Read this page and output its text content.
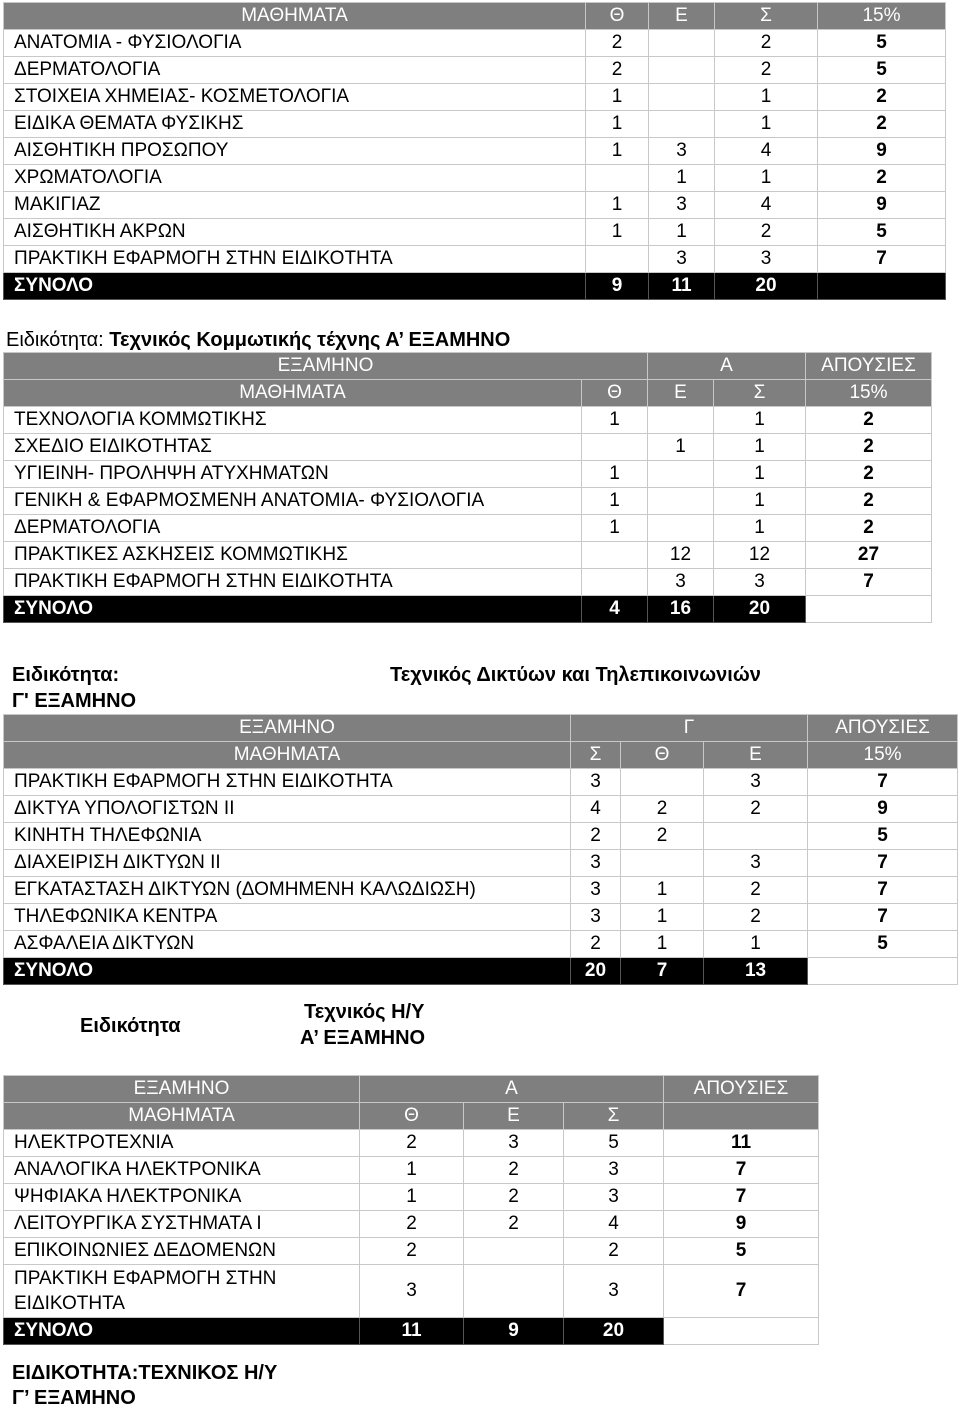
ΜΑΘΗΜΑΤΑ	Θ	Ε	Σ	15%
ΑΝΑΤΟΜΙΑ - ΦΥΣΙΟΛΟΓΙΑ	2		2	5
ΔΕΡΜΑΤΟΛΟΓΙΑ	2		2	5
ΣΤΟΙΧΕΙΑ ΧΗΜΕΙΑΣ- ΚΟΣΜΕΤΟΛΟΓΙΑ	1		1	2
ΕΙΔΙΚΑ ΘΕΜΑΤΑ ΦΥΣΙΚΗΣ	1		1	2
ΑΙΣΘΗΤΙΚΗ ΠΡΟΣΩΠΟΥ	1	3	4	9
ΧΡΩΜΑΤΟΛΟΓΙΑ		1	1	2
ΜΑΚΙΓΙΑΖ	1	3	4	9
ΑΙΣΘΗΤΙΚΗ ΑΚΡΩΝ	1	1	2	5
ΠΡΑΚΤΙΚΗ ΕΦΑΡΜΟΓΗ ΣΤΗΝ ΕΙΔΙΚΟΤΗΤΑ		3	3	7
ΣΥΝΟΛΟ	9	11	20	
Ειδικότητα: Τεχνικός Κομμωτικής τέχνης Α’ ΕΞΑΜΗΝΟ
ΕΞΑΜΗΝΟ		Α		ΑΠΟΥΣΙΕΣ
ΜΑΘΗΜΑΤΑ	Θ	Ε	Σ	15%
ΤΕΧΝΟΛΟΓΙΑ ΚΟΜΜΩΤΙΚΗΣ	1		1	2
ΣΧΕΔΙΟ ΕΙΔΙΚΟΤΗΤΑΣ		1	1	2
ΥΓΙΕΙΝΗ- ΠΡΟΛΗΨΗ ΑΤΥΧΗΜΑΤΩΝ	1		1	2
ΓΕΝΙΚΗ & ΕΦΑΡΜΟΣΜΕΝΗ ΑΝΑΤΟΜΙΑ- ΦΥΣΙΟΛΟΓΙΑ	1		1	2
ΔΕΡΜΑΤΟΛΟΓΙΑ	1		1	2
ΠΡΑΚΤΙΚΕΣ ΑΣΚΗΣΕΙΣ ΚΟΜΜΩΤΙΚΗΣ		12	12	27
ΠΡΑΚΤΙΚΗ ΕΦΑΡΜΟΓΗ ΣΤΗΝ ΕΙΔΙΚΟΤΗΤΑ		3	3	7
ΣΥΝΟΛΟ	4	16	20	
Ειδικότητα:	Τεχνικός Δικτύων και Τηλεπικοινωνιών
Γ' ΕΞΑΜΗΝΟ
ΕΞΑΜΗΝΟ	Γ			ΑΠΟΥΣΙΕΣ
ΜΑΘΗΜΑΤΑ	Σ	Θ	Ε	15%
ΠΡΑΚΤΙΚΗ ΕΦΑΡΜΟΓΗ ΣΤΗΝ ΕΙΔΙΚΟΤΗΤΑ	3		3	7
ΔΙΚΤΥΑ ΥΠΟΛΟΓΙΣΤΩΝ ΙΙ	4	2	2	9
ΚΙΝΗΤΗ ΤΗΛΕΦΩΝΙΑ	2	2		5
ΔΙΑΧΕΙΡΙΣΗ ΔΙΚΤΥΩΝ ΙΙ	3		3	7
ΕΓΚΑΤΑΣΤΑΣΗ ΔΙΚΤΥΩΝ (ΔΟΜΗΜΕΝΗ ΚΑΛΩΔΙΩΣΗ)	3	1	2	7
ΤΗΛΕΦΩΝΙΚΑ ΚΕΝΤΡΑ	3	1	2	7
ΑΣΦΑΛΕΙΑ ΔΙΚΤΥΩΝ	2	1	1	5
ΣΥΝΟΛΟ	20	7	13	
Ειδικότητα
Τεχνικός Η/Υ
Α’ ΕΞΑΜΗΝΟ
ΕΞΑΜΗΝΟ	Α			ΑΠΟΥΣΙΕΣ
ΜΑΘΗΜΑΤΑ	Θ	Ε	Σ	
ΗΛΕΚΤΡΟΤΕΧΝΙΑ	2	3	5	11
ΑΝΑΛΟΓΙΚΑ ΗΛΕΚΤΡΟΝΙΚΑ	1	2	3	7
ΨΗΦΙΑΚΑ ΗΛΕΚΤΡΟΝΙΚΑ	1	2	3	7
ΛΕΙΤΟΥΡΓΙΚΑ ΣΥΣΤΗΜΑΤΑ Ι	2	2	4	9
ΕΠΙΚΟΙΝΩΝΙΕΣ ΔΕΔΟΜΕΝΩΝ	2		2	5
ΠΡΑΚΤΙΚΗ ΕΦΑΡΜΟΓΗ ΣΤΗΝ ΕΙΔΙΚΟΤΗΤΑ	3		3	7
ΣΥΝΟΛΟ	11	9	20	
ΕΙΔΙΚΟΤΗΤΑ:ΤΕΧΝΙΚΟΣ Η/Υ
Γ’ ΕΞΑΜΗΝΟ
